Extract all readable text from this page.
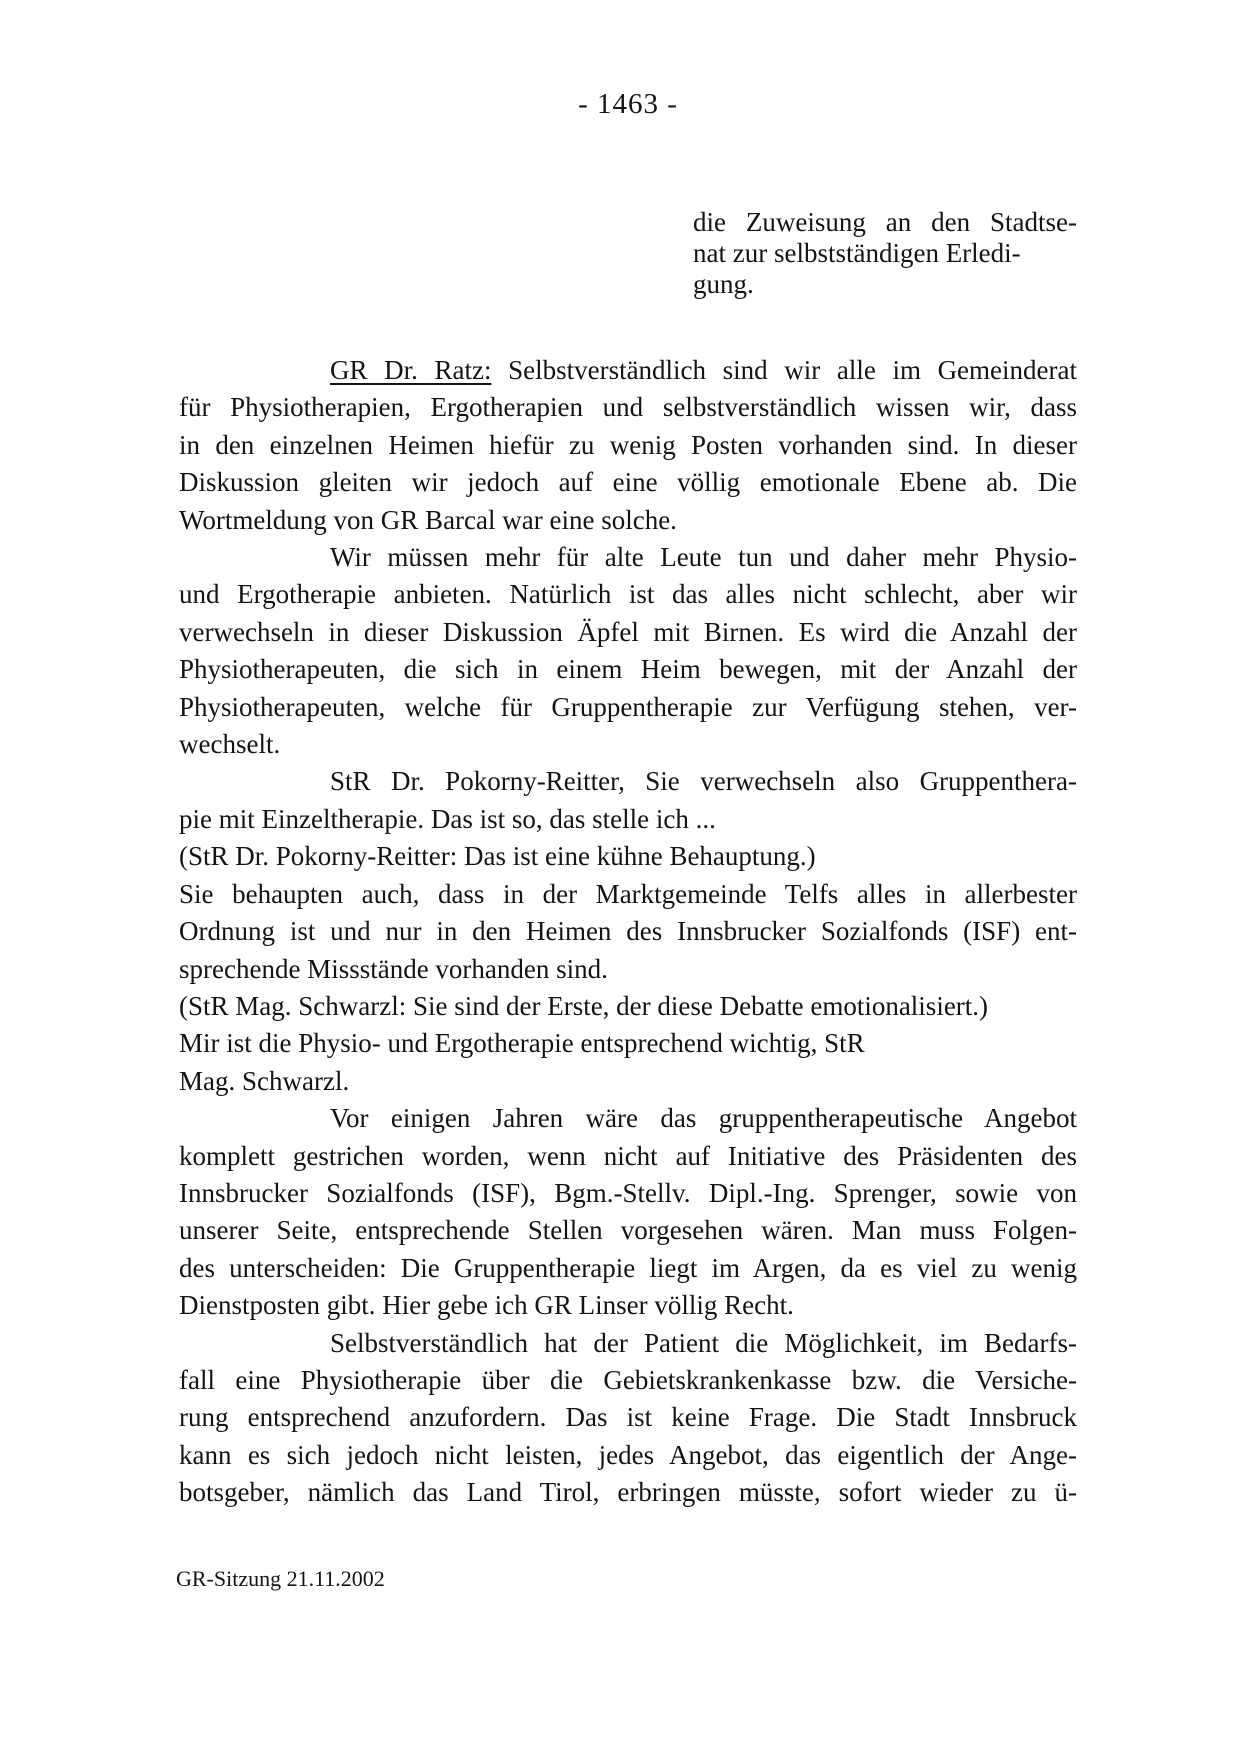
- 1463 -
die Zuweisung an den Stadtse-
nat zur selbstständigen Erledi-
gung.
GR Dr. Ratz: Selbstverständlich sind wir alle im Gemeinderat
für Physiotherapien, Ergotherapien und selbstverständlich wissen wir, dass
in den einzelnen Heimen hiefür zu wenig Posten vorhanden sind. In dieser
Diskussion gleiten wir jedoch auf eine völlig emotionale Ebene ab. Die
Wortmeldung von GR Barcal war eine solche.
Wir müssen mehr für alte Leute tun und daher mehr Physio-
und Ergotherapie anbieten. Natürlich ist das alles nicht schlecht, aber wir
verwechseln in dieser Diskussion Äpfel mit Birnen. Es wird die Anzahl der
Physiotherapeuten, die sich in einem Heim bewegen, mit der Anzahl der
Physiotherapeuten, welche für Gruppentherapie zur Verfügung stehen, ver-
wechselt.
StR Dr. Pokorny-Reitter, Sie verwechseln also Gruppenthera-
pie mit Einzeltherapie. Das ist so, das stelle ich ...
(StR Dr. Pokorny-Reitter: Das ist eine kühne Behauptung.)
Sie behaupten auch, dass in der Marktgemeinde Telfs alles in allerbester
Ordnung ist und nur in den Heimen des Innsbrucker Sozialfonds (ISF) ent-
sprechende Missstände vorhanden sind.
(StR Mag. Schwarzl: Sie sind der Erste, der diese Debatte emotionalisiert.)
Mir ist die Physio- und Ergotherapie entsprechend wichtig, StR
Mag. Schwarzl.
Vor einigen Jahren wäre das gruppentherapeutische Angebot
komplett gestrichen worden, wenn nicht auf Initiative des Präsidenten des
Innsbrucker Sozialfonds (ISF), Bgm.-Stellv. Dipl.-Ing. Sprenger, sowie von
unserer Seite, entsprechende Stellen vorgesehen wären. Man muss Folgen-
des unterscheiden: Die Gruppentherapie liegt im Argen, da es viel zu wenig
Dienstposten gibt. Hier gebe ich GR Linser völlig Recht.
Selbstverständlich hat der Patient die Möglichkeit, im Bedarfs-
fall eine Physiotherapie über die Gebietskrankenkasse bzw. die Versiche-
rung entsprechend anzufordern. Das ist keine Frage. Die Stadt Innsbruck
kann es sich jedoch nicht leisten, jedes Angebot, das eigentlich der Ange-
botsgeber, nämlich das Land Tirol, erbringen müsste, sofort wieder zu ü-
GR-Sitzung 21.11.2002
